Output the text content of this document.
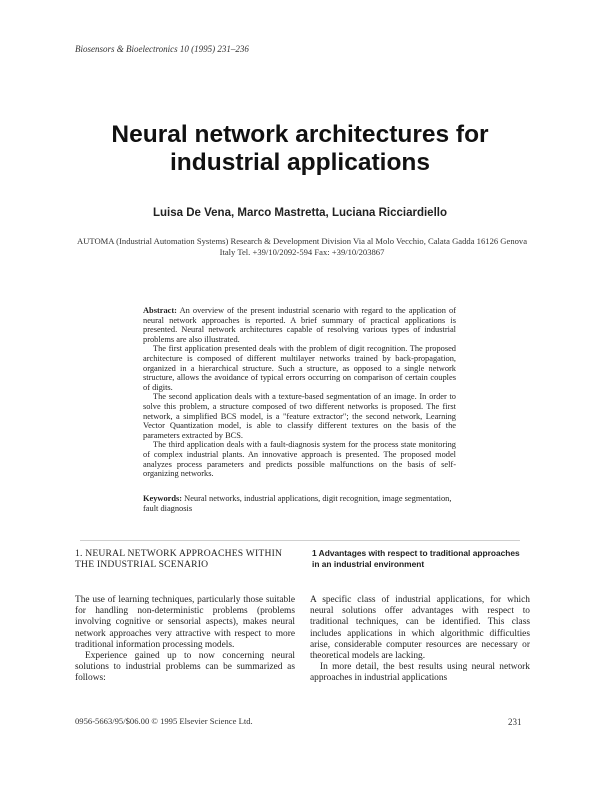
Biosensors & Bioelectronics 10 (1995) 231–236
Neural network architectures for industrial applications
Luisa De Vena, Marco Mastretta, Luciana Ricciardiello
AUTOMA (Industrial Automation Systems) Research & Development Division Via al Molo Vecchio, Calata Gadda 16126 Genova Italy Tel. +39/10/2092-594 Fax: +39/10/203867

Abstract: An overview of the present industrial scenario with regard to the application of neural network approaches is reported. A brief summary of practical applications is presented. Neural network architectures capable of resolving various types of industrial problems are also illustrated.

The first application presented deals with the problem of digit recognition. The proposed architecture is composed of different multilayer networks trained by back-propagation, organized in a hierarchical structure. Such a structure, as opposed to a single network structure, allows the avoidance of typical errors occurring on comparison of certain couples of digits.

The second application deals with a texture-based segmentation of an image. In order to solve this problem, a structure composed of two different networks is proposed. The first network, a simplified BCS model, is a "feature extractor"; the second network, Learning Vector Quantization model, is able to classify different textures on the basis of the parameters extracted by BCS.

The third application deals with a fault-diagnosis system for the process state monitoring of complex industrial plants. An innovative approach is presented. The proposed model analyzes process parameters and predicts possible malfunctions on the basis of self-organizing networks.

Keywords: Neural networks, industrial applications, digit recognition, image segmentation, fault diagnosis
1. NEURAL NETWORK APPROACHES WITHIN THE INDUSTRIAL SCENARIO
1 Advantages with respect to traditional approaches in an industrial environment

The use of learning techniques, particularly those suitable for handling non-deterministic problems (problems involving cognitive or sensorial aspects), makes neural network approaches very attractive with respect to more traditional information processing models.

Experience gained up to now concerning neural solutions to industrial problems can be summarized as follows:

A specific class of industrial applications, for which neural solutions offer advantages with respect to traditional techniques, can be identified. This class includes applications in which algorithmic difficulties arise, considerable computer resources are necessary or theoretical models are lacking.

In more detail, the best results using neural network approaches in industrial applications

0956-5663/95/$06.00 © 1995 Elsevier Science Ltd.	231
